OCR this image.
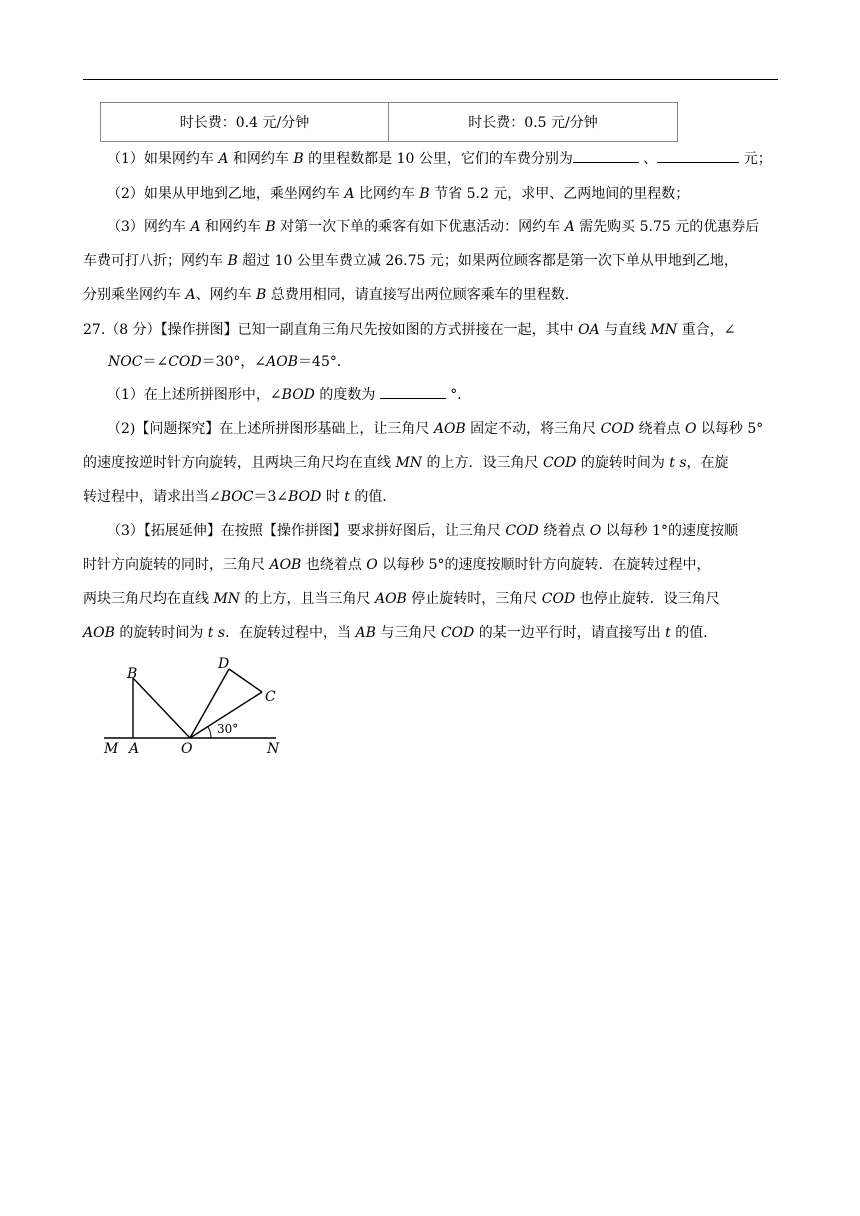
时长费：0.4 元/分钟	时长费：0.5 元/分钟
（1）如果网约车 A 和网约车 B 的里程数都是 10 公里，它们的车费分别为	、	元；
（2）如果从甲地到乙地，乘坐网约车 A 比网约车 B 节省 5.2 元，求甲、乙两地间的里程数；
（3）网约车 A 和网约车 B 对第一次下单的乘客有如下优惠活动：网约车 A 需先购买 5.75 元的优惠券后
车费可打八折；网约车 B 超过 10 公里车费立减 26.75 元；如果两位顾客都是第一次下单从甲地到乙地，
分别乘坐网约车 A、网约车 B 总费用相同，请直接写出两位顾客乘车的里程数.
27.（8 分）【操作拼图】已知一副直角三角尺先按如图的方式拼接在一起，其中 OA 与直线 MN 重合，∠
NOC＝∠COD＝30°，∠AOB＝45°．
（1）在上述所拼图形中，∠BOD 的度数为	°．
（2)【问题探究】在上述所拼图形基础上，让三角尺 AOB 固定不动，将三角尺 COD 绕着点 O 以每秒 5°
的速度按逆时针方向旋转，且两块三角尺均在直线 MN 的上方．设三角尺 COD 的旋转时间为 t s，在旋
转过程中，请求出当∠BOC＝3∠BOD 时 t 的值．
（3）【拓展延伸】在按照【操作拼图】要求拼好图后，让三角尺 COD 绕着点 O 以每秒 1°的速度按顺
时针方向旋转的同时，三角尺 AOB 也绕着点 O 以每秒 5°的速度按顺时针方向旋转．在旋转过程中，
两块三角尺均在直线 MN 的上方，且当三角尺 AOB 停止旋转时，三角尺 COD 也停止旋转．设三角尺
AOB 的旋转时间为 t s．在旋转过程中，当 AB 与三角尺 COD 的某一边平行时，请直接写出 t 的值．
B
D
C
M A	O	N
30°
